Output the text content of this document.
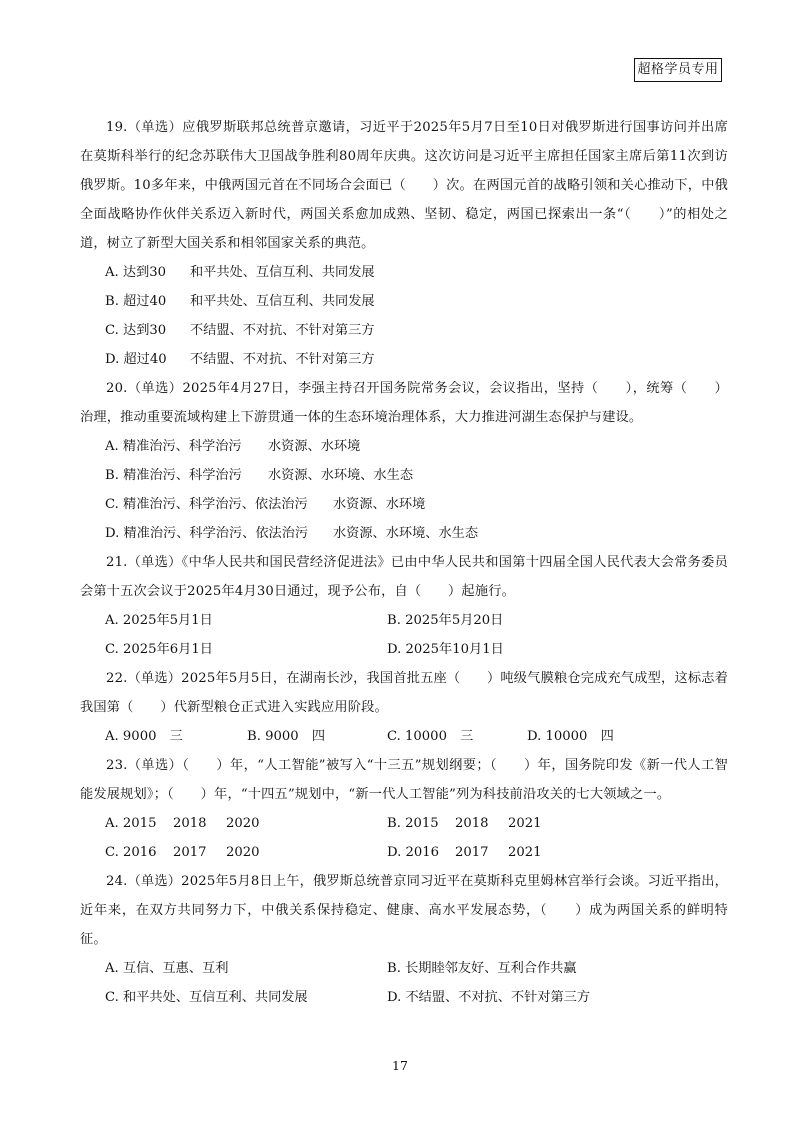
超格学员专用

19.（单选）应俄罗斯联邦总统普京邀请，习近平于2025年5月7日至10日对俄罗斯进行国事访问并出席在莫斯科举行的纪念苏联伟大卫国战争胜利80周年庆典。这次访问是习近平主席担任国家主席后第11次到访俄罗斯。10多年来，中俄两国元首在不同场合会面已（　　）次。在两国元首的战略引领和关心推动下，中俄全面战略协作伙伴关系迈入新时代，两国关系愈加成熟、坚韧、稳定，两国已探索出一条“（　　）”的相处之道，树立了新型大国关系和相邻国家关系的典范。

A. 达到30 和平共处、互信互利、共同发展
B. 超过40 和平共处、互信互利、共同发展
C. 达到30 不结盟、不对抗、不针对第三方
D. 超过40 不结盟、不对抗、不针对第三方

20.（单选）2025年4月27日，李强主持召开国务院常务会议，会议指出，坚持（　　），统筹（　　）治理，推动重要流域构建上下游贯通一体的生态环境治理体系，大力推进河湖生态保护与建设。

A. 精准治污、科学治污 水资源、水环境
B. 精准治污、科学治污 水资源、水环境、水生态
C. 精准治污、科学治污、依法治污 水资源、水环境
D. 精准治污、科学治污、依法治污 水资源、水环境、水生态

21.（单选）《中华人民共和国民营经济促进法》已由中华人民共和国第十四届全国人民代表大会常务委员会第十五次会议于2025年4月30日通过，现予公布，自（　　）起施行。

A. 2025年5月1日	B. 2025年5月20日
C. 2025年6月1日	D. 2025年10月1日

22.（单选）2025年5月5日，在湖南长沙，我国首批五座（　　）吨级气膜粮仓完成充气成型，这标志着我国第（　　）代新型粮仓正式进入实践应用阶段。

A. 9000　三	B. 9000　四	C. 10000　三	D. 10000　四

23.（单选）（　　）年，“人工智能”被写入“十三五”规划纲要；（　　）年，国务院印发《新一代人工智能发展规划》；（　　）年，“十四五”规划中，“新一代人工智能”列为科技前沿攻关的七大领域之一。

A. 2015 2018 2020	B. 2015 2018 2021
C. 2016 2017 2020	D. 2016 2017 2021

24.（单选）2025年5月8日上午，俄罗斯总统普京同习近平在莫斯科克里姆林宫举行会谈。习近平指出，近年来，在双方共同努力下，中俄关系保持稳定、健康、高水平发展态势，（　　）成为两国关系的鲜明特征。

A. 互信、互惠、互利	B. 长期睦邻友好、互利合作共赢
C. 和平共处、互信互利、共同发展	D. 不结盟、不对抗、不针对第三方
17
